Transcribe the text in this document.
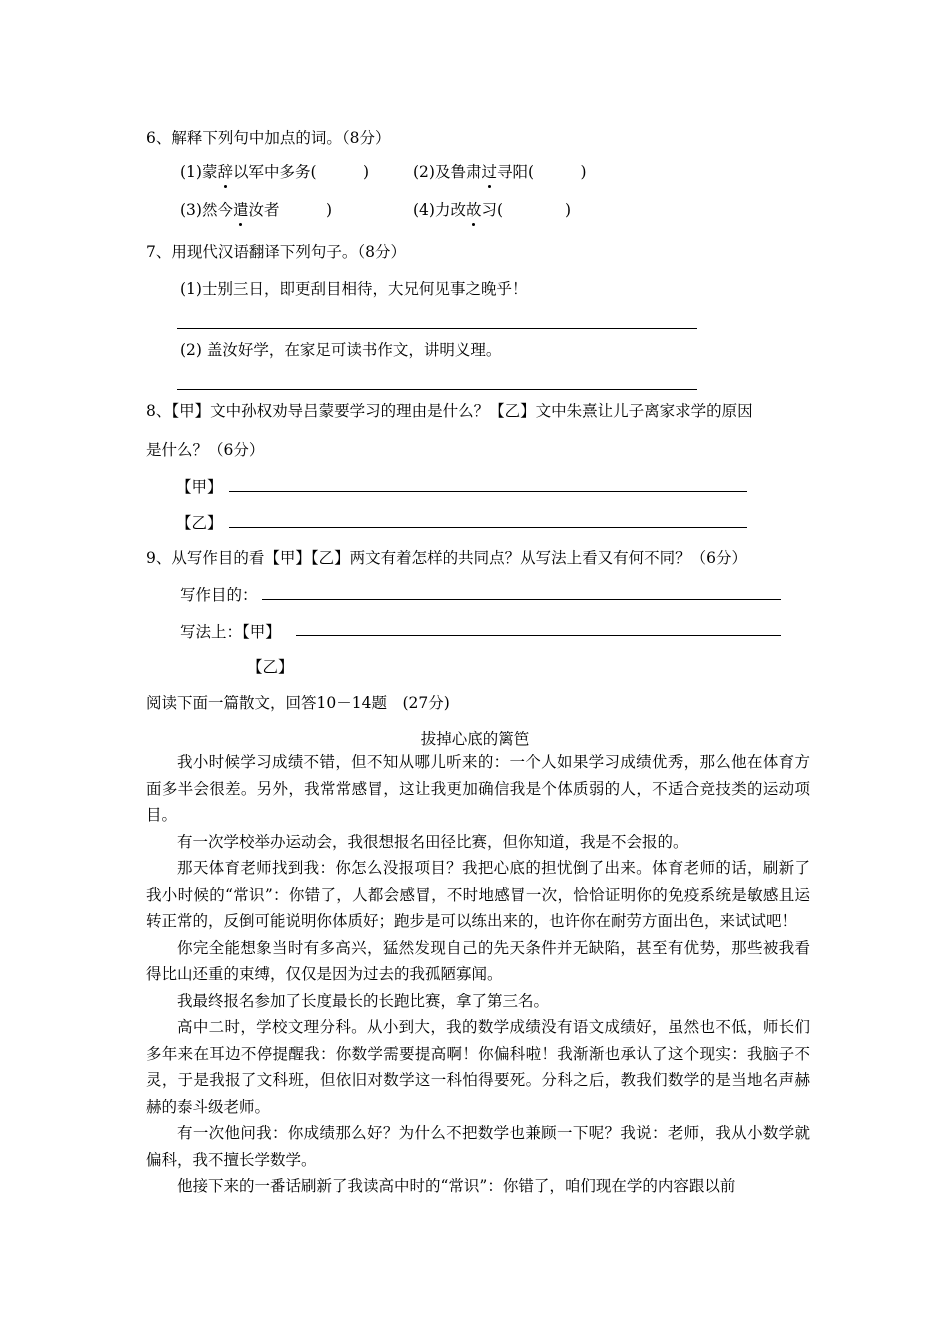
6、解释下列句中加点的词。（8分）
(1)蒙辞以军中多务(　　　)	(2)及鲁肃过寻阳(　　　)
(3)然今遣汝者　　　)	(4)力改故习(　　　　)
7、用现代汉语翻译下列句子。（8分）
(1)士别三日，即更刮目相待，大兄何见事之晚乎！
(2) 盖汝好学，在家足可读书作文，讲明义理。
8、【甲】文中孙权劝导吕蒙要学习的理由是什么？【乙】文中朱熹让儿子离家求学的原因
是什么？（6分）
【甲】
【乙】
9、从写作目的看【甲】【乙】两文有着怎样的共同点？从写法上看又有何不同？（6分）
写作目的：
写法上：【甲】
【乙】
阅读下面一篇散文，回答10－14题　(27分)
拔掉心底的篱笆

我小时候学习成绩不错，但不知从哪儿听来的：一个人如果学习成绩优秀，那么他在体育方面多半会很差。另外，我常常感冒，这让我更加确信我是个体质弱的人，不适合竞技类的运动项目。

有一次学校举办运动会，我很想报名田径比赛，但你知道，我是不会报的。

那天体育老师找到我：你怎么没报项目？我把心底的担忧倒了出来。体育老师的话，刷新了我小时候的“常识”：你错了，人都会感冒，不时地感冒一次，恰恰证明你的免疫系统是敏感且运转正常的，反倒可能说明你体质好；跑步是可以练出来的，也许你在耐劳方面出色，来试试吧！

你完全能想象当时有多高兴，猛然发现自己的先天条件并无缺陷，甚至有优势，那些被我看得比山还重的束缚，仅仅是因为过去的我孤陋寡闻。

我最终报名参加了长度最长的长跑比赛，拿了第三名。

高中二时，学校文理分科。从小到大，我的数学成绩没有语文成绩好，虽然也不低，师长们多年来在耳边不停提醒我：你数学需要提高啊！你偏科啦！我渐渐也承认了这个现实：我脑子不灵，于是我报了文科班，但依旧对数学这一科怕得要死。分科之后，教我们数学的是当地名声赫赫的泰斗级老师。

有一次他问我：你成绩那么好？为什么不把数学也兼顾一下呢？我说：老师，我从小数学就偏科，我不擅长学数学。

他接下来的一番话刷新了我读高中时的“常识”：你错了，咱们现在学的内容跟以前
